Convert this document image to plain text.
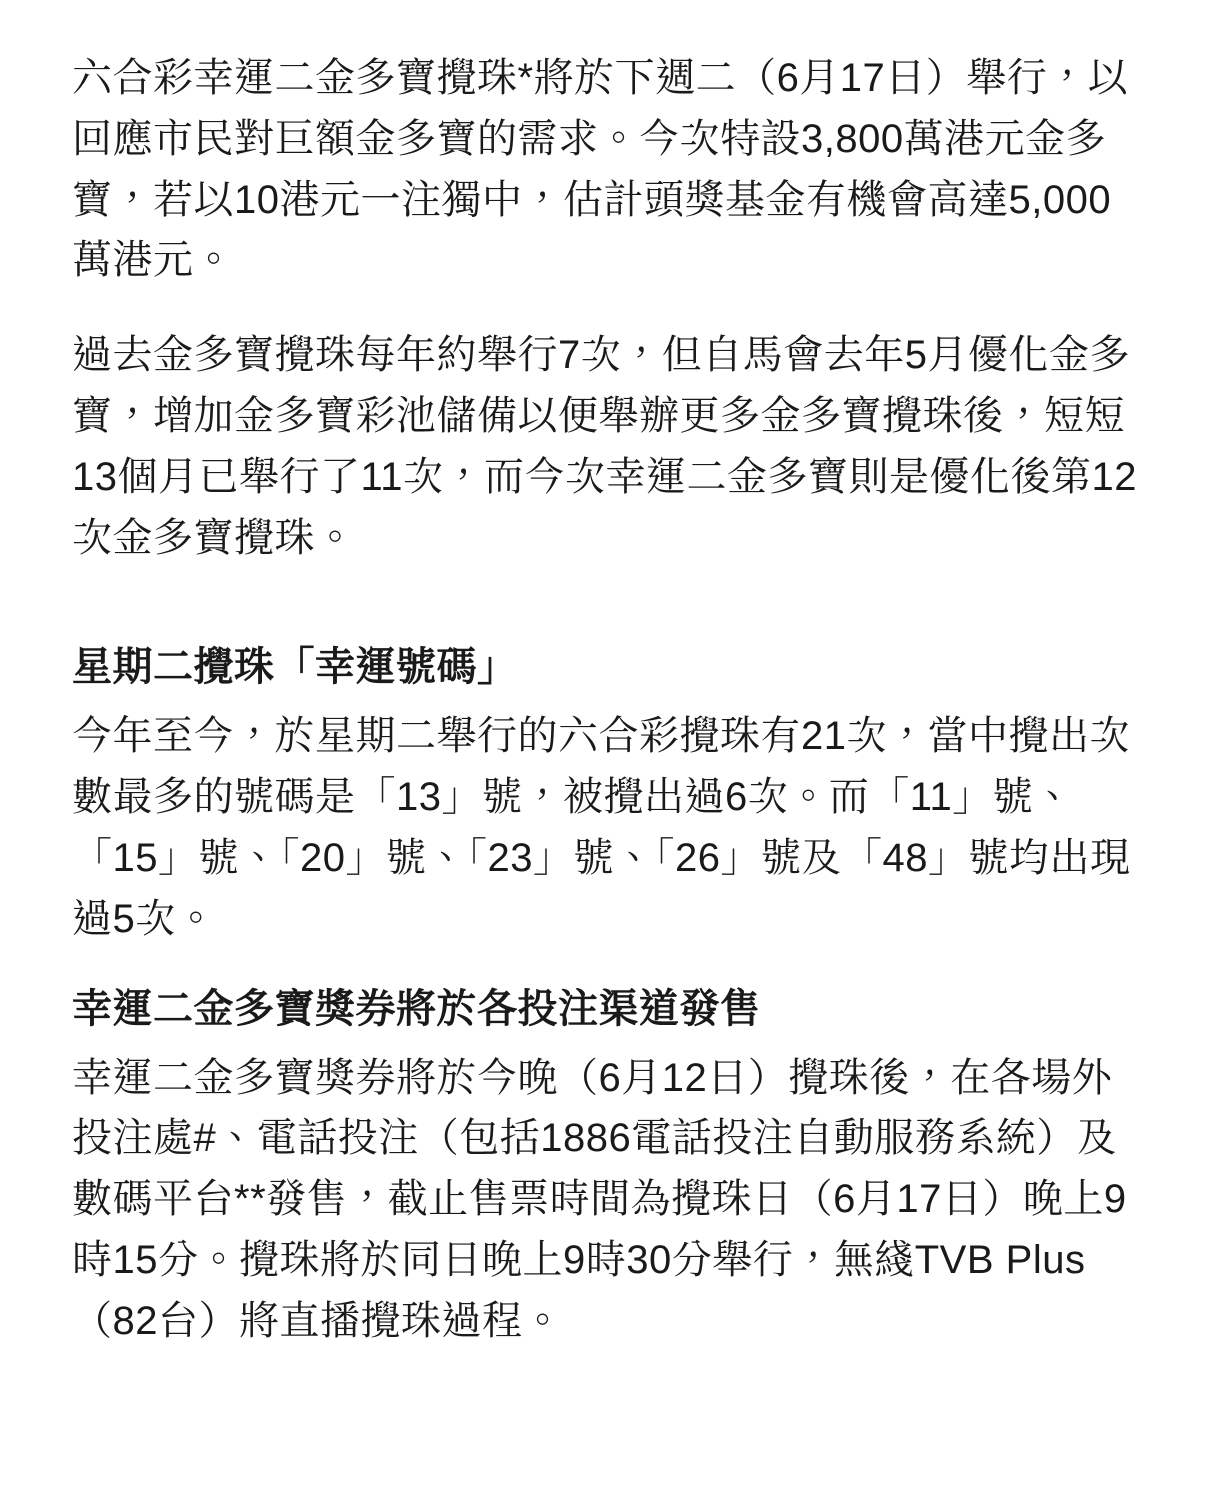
六合彩幸運二金多寶攪珠*將於下週二（6月17日）舉行，以回應市民對巨額金多寶的需求。今次特設3,800萬港元金多寶，若以10港元一注獨中，估計頭獎基金有機會高達5,000萬港元。

過去金多寶攪珠每年約舉行7次，但自馬會去年5月優化金多寶，增加金多寶彩池儲備以便舉辦更多金多寶攪珠後，短短13個月已舉行了11次，而今次幸運二金多寶則是優化後第12次金多寶攪珠。

星期二攪珠「幸運號碼」

今年至今，於星期二舉行的六合彩攪珠有21次，當中攪出次數最多的號碼是「13」號，被攪出過6次。而「11」號、「15」號、「20」號、「23」號、「26」號及「48」號均出現過5次。

幸運二金多寶獎券將於各投注渠道發售

幸運二金多寶獎券將於今晚（6月12日）攪珠後，在各場外投注處#、電話投注（包括1886電話投注自動服務系統）及數碼平台**發售，截止售票時間為攪珠日（6月17日）晚上9時15分。攪珠將於同日晚上9時30分舉行，無綫TVB Plus（82台）將直播攪珠過程。
